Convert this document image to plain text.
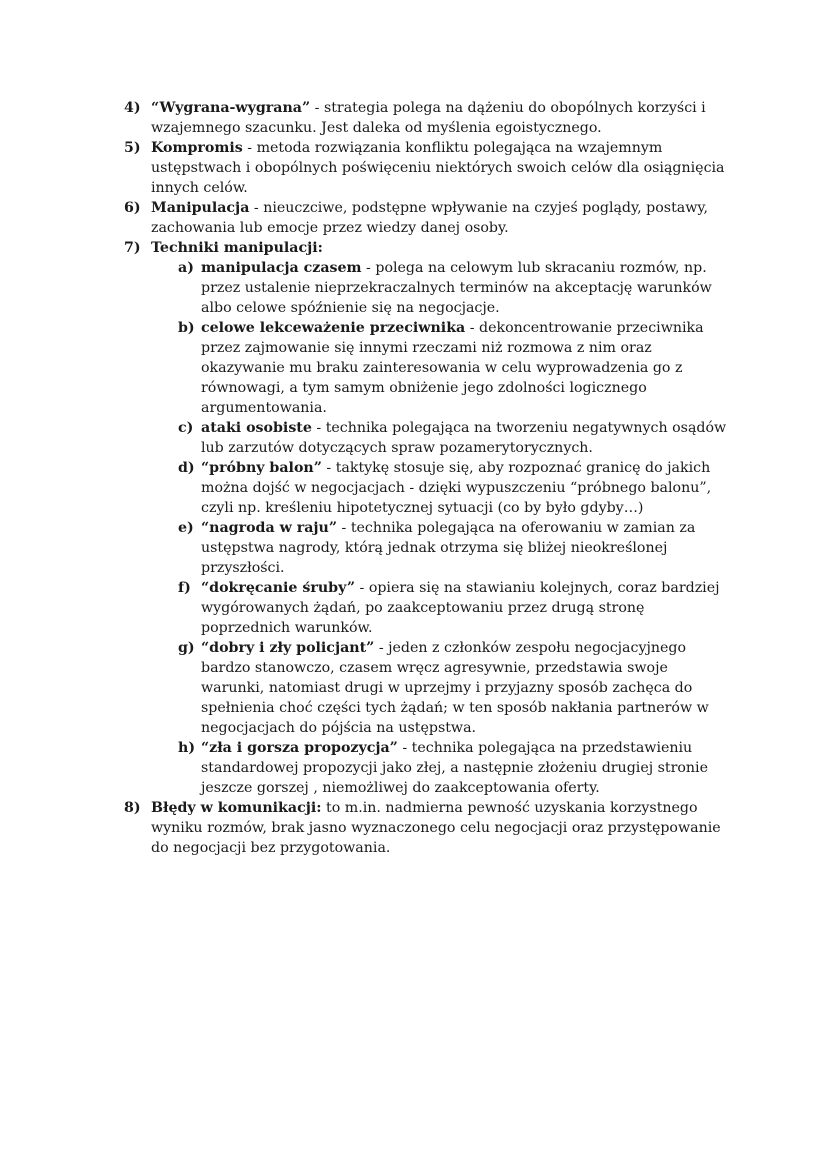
4) “Wygrana-wygrana” - strategia polega na dążeniu do obopólnych korzyści i wzajemnego szacunku. Jest daleka od myślenia egoistycznego.
5) Kompromis - metoda rozwiązania konfliktu polegająca na wzajemnym ustępstwach i obopólnych poświęceniu niektórych swoich celów dla osiągnięcia innych celów.
6) Manipulacja - nieuczciwe, podstępne wpływanie na czyjeś poglądy, postawy, zachowania lub emocje przez wiedzy danej osoby.
7) Techniki manipulacji:
a) manipulacja czasem - polega na celowym lub skracaniu rozmów, np. przez ustalenie nieprzekraczalnych terminów na akceptację warunków albo celowe spóźnienie się na negocjacje.
b) celowe lekceważenie przeciwnika - dekoncentrowanie przeciwnika przez zajmowanie się innymi rzeczami niż rozmowa z nim oraz okazywanie mu braku zainteresowania w celu wyprowadzenia go z równowagi, a tym samym obniżenie jego zdolności logicznego argumentowania.
c) ataki osobiste - technika polegająca na tworzeniu negatywnych osądów lub zarzutów dotyczących spraw pozamerytorycznych.
d) “próbny balon” - taktykę stosuje się, aby rozpoznać granicę do jakich można dojść w negocjacjach - dzięki wypuszczeniu “próbnego balonu”, czyli np. kreśleniu hipotetycznej sytuacji (co by było gdyby…)
e) “nagroda w raju” - technika polegająca na oferowaniu w zamian za ustępstwa nagrody, którą jednak otrzyma się bliżej nieokreślonej przyszłości.
f) “dokręcanie śruby” - opiera się na stawianiu kolejnych, coraz bardziej wygórowanych żądań, po zaakceptowaniu przez drugą stronę poprzednich warunków.
g) “dobry i zły policjant” - jeden z członków zespołu negocjacyjnego bardzo stanowczo, czasem wręcz agresywnie, przedstawia swoje warunki, natomiast drugi w uprzejmy i przyjazny sposób zachęca do spełnienia choć części tych żądań; w ten sposób nakłania partnerów w negocjacjach do pójścia na ustępstwa.
h) “zła i gorsza propozycja” - technika polegająca na przedstawieniu standardowej propozycji jako złej, a następnie złożeniu drugiej stronie jeszcze gorszej , niemożliwej do zaakceptowania oferty.
8) Błędy w komunikacji: to m.in. nadmierna pewność uzyskania korzystnego wyniku rozmów, brak jasno wyznaczonego celu negocjacji oraz przystępowanie do negocjacji bez przygotowania.
